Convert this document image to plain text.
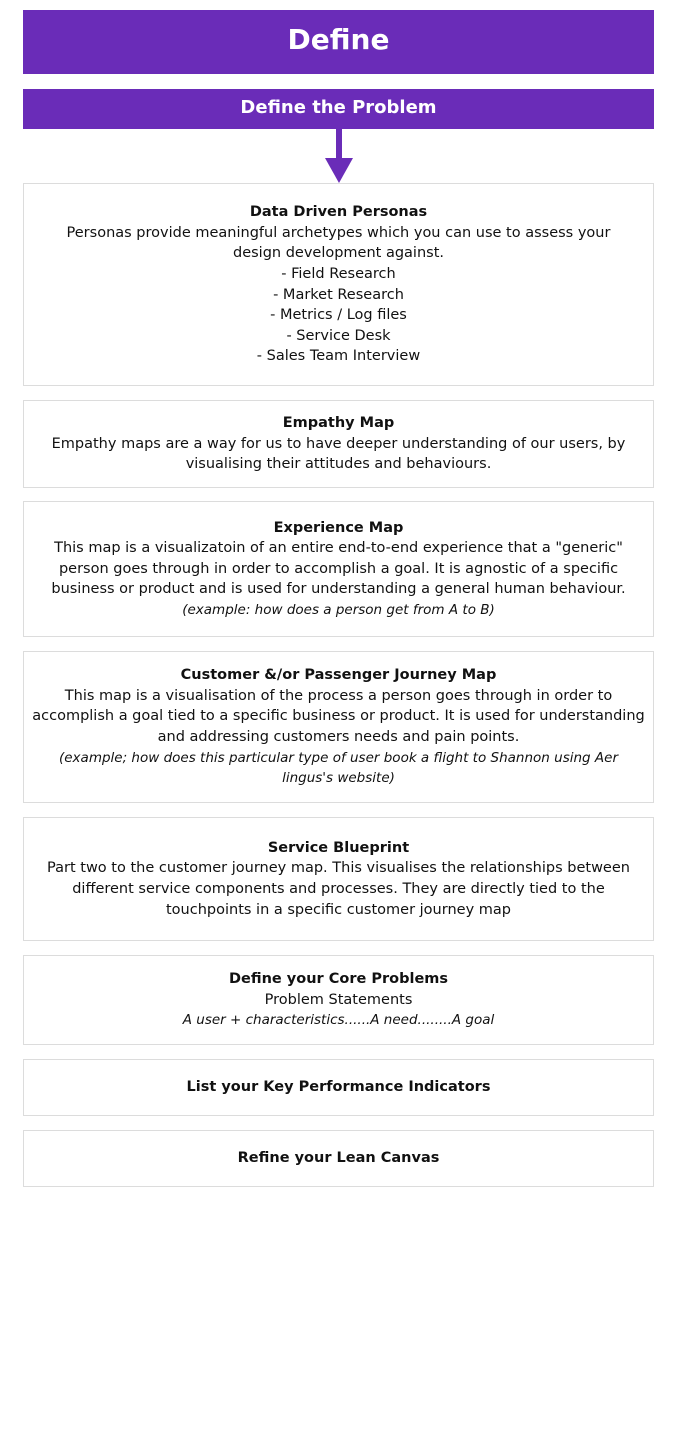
Define
Define the Problem
Data Driven Personas
Personas provide meaningful archetypes which you can use to assess your design development against.
- Field Research
- Market Research
- Metrics / Log files
- Service Desk
- Sales Team Interview
Empathy Map
Empathy maps are a way for us to have deeper understanding of our users, by visualising their attitudes and behaviours.
Experience Map
This map is a visualizatoin of an entire end-to-end experience that a "generic" person goes through in order to accomplish a goal. It is agnostic of a specific business or product and is used for understanding a general human behaviour.
(example: how does a person get from A to B)
Customer &/or Passenger Journey Map
This map is a visualisation of the process a person goes through in order to accomplish a goal tied to a specific business or product. It is used for understanding and addressing customers needs and pain points.
(example; how does this particular type of user book a flight to Shannon using Aer lingus's website)
Service Blueprint
Part two to the customer journey map. This visualises the relationships between different service components and processes. They are directly tied to the touchpoints in a specific customer journey map
Define your Core Problems
Problem Statements
A user + characteristics......A need........A goal
List your Key Performance Indicators
Refine your Lean Canvas
